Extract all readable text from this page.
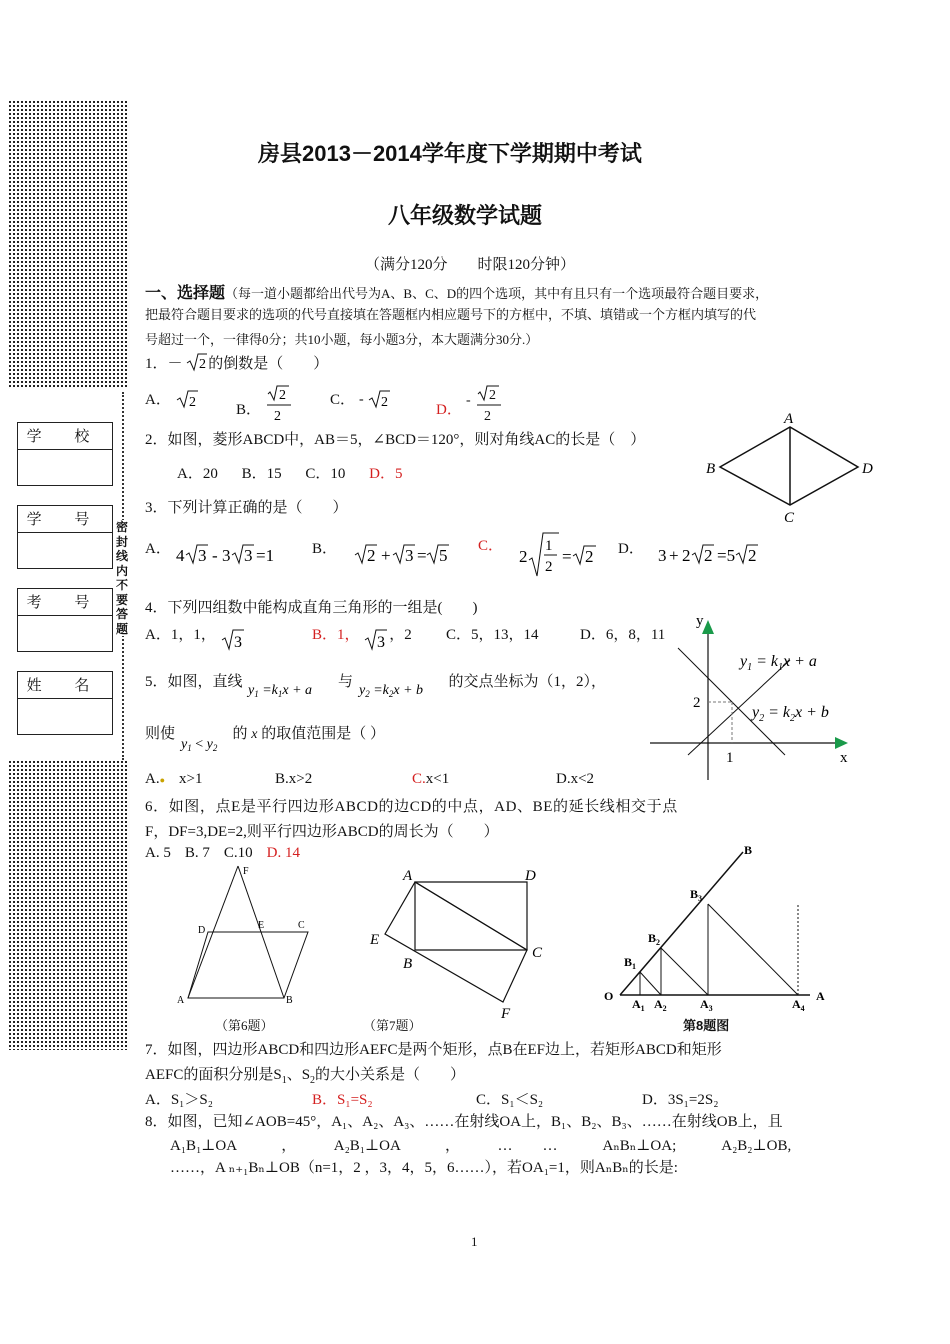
学 校
学 号
考 号
姓 名
密封线内不要答题
房县2013－2014学年度下学期期中考试
八年级数学试题
（满分120分　　时限120分钟）
一、选择题（每一道小题都给出代号为A、B、C、D的四个选项，其中有且只有一个选项最符合题目要求，
把最符合题目要求的选项的代号直接填在答题框内相应题号下的方框中，不填、填错或一个方框内填写的代
号超过一个，一律得0分；共10小题，每小题3分，本大题满分30分.）
1．－ 2 的倒数是（　　）
A． 2	B．
2
2
C． - 2	D．
- 2
2
2．如图，菱形ABCD中，AB＝5，∠BCD＝120°，则对角线AC的长是（　）
A．20 B．15 C．10 D．5
A
B
C
D
3．下列计算正确的是（　　）
A． 4 3 - 3 3 =1	B． 2 + 3 = 5 C．
2
1
2
= 2 D． 3 + 2 2 =5 2
4．下列四组数中能构成直角三角形的一组是(　　)
A．1，1， 3	B．1， 3 ，2 C．5，13，14	D．6，8，11
y
x
2
1
$y_1 = k_1x + a$
$y_2 = k_2x + b$
5．如图，直线
$y_1 =k_1x + a$
与
$y_2 =k_2x + b$
的交点坐标为（1，2），
则使
$y_1 < y_2$
的 x 的取值范围是（ ）
A.● x>1	B.x>2	C.x<1	D.x<2
6．如图，点E是平行四边形ABCD的边CD的中点，AD、BE的延长线相交于点
F，DF=3,DE=2,则平行四边形ABCD的周长为（　　）
A. 5 B. 7 C.10 D. 14
F
D	E	C
A	B
（第6题）
A	D
E
B
C
F
（第7题）
B
$B_3$
$B_2$
$B_1$
O
$A_1$ $A_2$	$A_3$	$A_4$
A
第8题图
7．如图，四边形ABCD和四边形AEFC是两个矩形，点B在EF边上，若矩形ABCD和矩形
AEFC的面积分别是$S_1$、$S_2$的大小关系是（　　）
A．S₁＞S₂	B．S₁=S₂	C．S₁＜S₂	D．3S₁=2S₂
8．如图，已知∠AOB=45°，A₁、A₂、A₃、……在射线OA上，B₁、B₂、B₃、……在射线OB上，且
A₁B₁⊥OA　　　，　　　A₂B₁⊥OA　　　，　　　…　　…　　　AₙBₙ⊥OA;　　　A₂B₂⊥OB,
……，A ₙ₊₁Bₙ⊥OB（n=1，2 ，3，4，5，6……），若OA₁=1，则AₙBₙ的长是:
1
